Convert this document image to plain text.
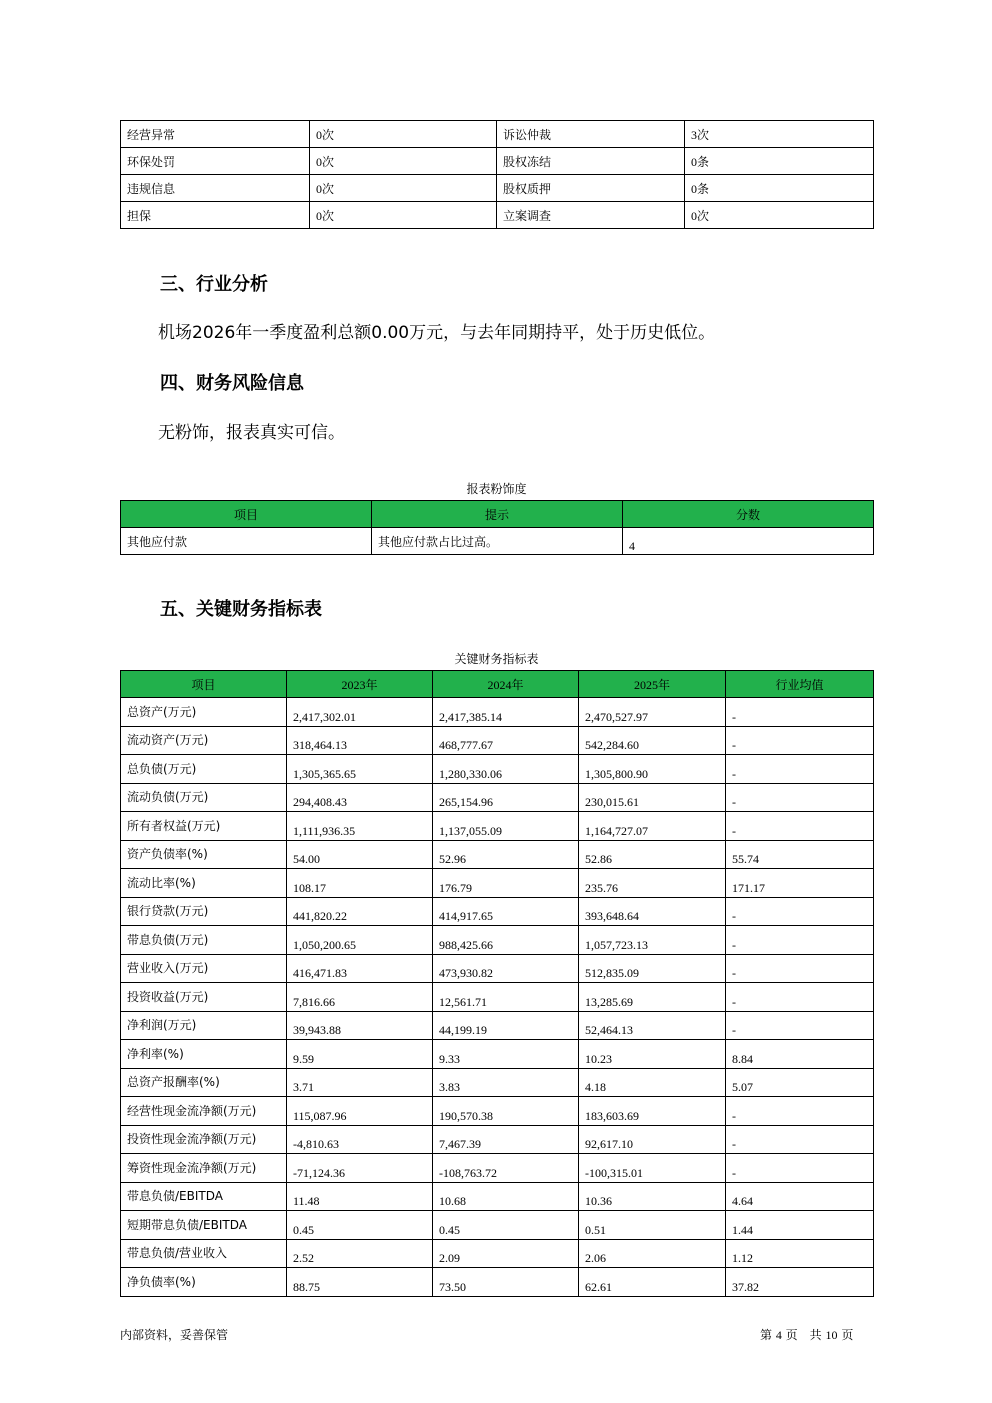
经营异常	0次	诉讼仲裁	3次
环保处罚	0次	股权冻结	0条
违规信息	0次	股权质押	0条
担保	0次	立案调查	0次
三、行业分析
机场2026年一季度盈利总额0.00万元，与去年同期持平，处于历史低位。
四、财务风险信息
无粉饰，报表真实可信。
报表粉饰度
项目	提示	分数
其他应付款	其他应付款占比过高。	4
五、关键财务指标表
关键财务指标表
项目	2023年	2024年	2025年	行业均值
总资产(万元)	2,417,302.01	2,417,385.14	2,470,527.97	-
流动资产(万元)	318,464.13	468,777.67	542,284.60	-
总负债(万元)	1,305,365.65	1,280,330.06	1,305,800.90	-
流动负债(万元)	294,408.43	265,154.96	230,015.61	-
所有者权益(万元)	1,111,936.35	1,137,055.09	1,164,727.07	-
资产负债率(%)	54.00	52.96	52.86	55.74
流动比率(%)	108.17	176.79	235.76	171.17
银行贷款(万元)	441,820.22	414,917.65	393,648.64	-
带息负债(万元)	1,050,200.65	988,425.66	1,057,723.13	-
营业收入(万元)	416,471.83	473,930.82	512,835.09	-
投资收益(万元)	7,816.66	12,561.71	13,285.69	-
净利润(万元)	39,943.88	44,199.19	52,464.13	-
净利率(%)	9.59	9.33	10.23	8.84
总资产报酬率(%)	3.71	3.83	4.18	5.07
经营性现金流净额(万元)	115,087.96	190,570.38	183,603.69	-
投资性现金流净额(万元)	-4,810.63	7,467.39	92,617.10	-
筹资性现金流净额(万元)	-71,124.36	-108,763.72	-100,315.01	-
带息负债/EBITDA	11.48	10.68	10.36	4.64
短期带息负债/EBITDA	0.45	0.45	0.51	1.44
带息负债/营业收入	2.52	2.09	2.06	1.12
净负债率(%)	88.75	73.50	62.61	37.82
内部资料，妥善保管	第 4 页　共 10 页
